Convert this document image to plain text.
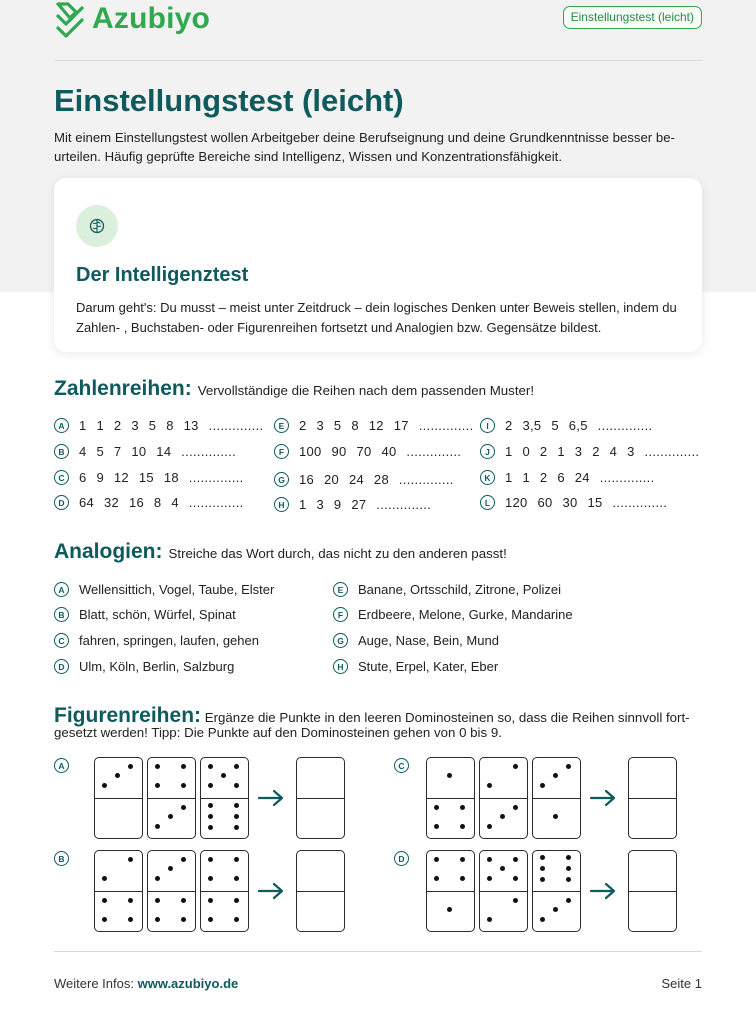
Azubiyo	Einstellungstest (leicht)
Einstellungstest (leicht)
Mit einem Einstellungstest wollen Arbeitgeber deine Berufseignung und deine Grundkenntnisse besser be-urteilen. Häufig geprüfte Bereiche sind Intelligenz, Wissen und Konzentrationsfähigkeit.
Der Intelligenztest

Darum geht's: Du musst – meist unter Zeitdruck – dein logisches Denken unter Beweis stellen, indem du Zahlen- , Buchstaben- oder Figurenreihen fortsetzt und Analogien bzw. Gegensätze bildest.

Zahlenreihen: Vervollständige die Reihen nach dem passenden Muster!
A	1 1 2 3 5 8 13 ..............
B	4 5 7 10 14 ..............
C	6 9 12 15 18 ..............
D	64 32 16 8 4 ..............
E	2 3 5 8 12 17 ..............
F	100 90 70 40 ..............
G	16 20 24 28 ..............
H	1 3 9 27 ..............
I	2 3,5 5 6,5 ..............
J	1 0 2 1 3 2 4 3 ..............
K	1 1 2 6 24 ..............
L	120 60 30 15 ..............
Analogien: Streiche das Wort durch, das nicht zu den anderen passt!
A	Wellensittich, Vogel, Taube, Elster
B	Blatt, schön, Würfel, Spinat
C	fahren, springen, laufen, gehen
D	Ulm, Köln, Berlin, Salzburg
E	Banane, Ortsschild, Zitrone, Polizei
F	Erdbeere, Melone, Gurke, Mandarine
G	Auge, Nase, Bein, Mund
H	Stute, Erpel, Kater, Eber
Figurenreihen: Ergänze die Punkte in den leeren Dominosteinen so, dass die Reihen sinnvoll fort-gesetzt werden! Tipp: Die Punkte auf den Dominosteinen gehen von 0 bis 9.
A
B
C
D
Weitere Infos: www.azubiyo.de	Seite 1
